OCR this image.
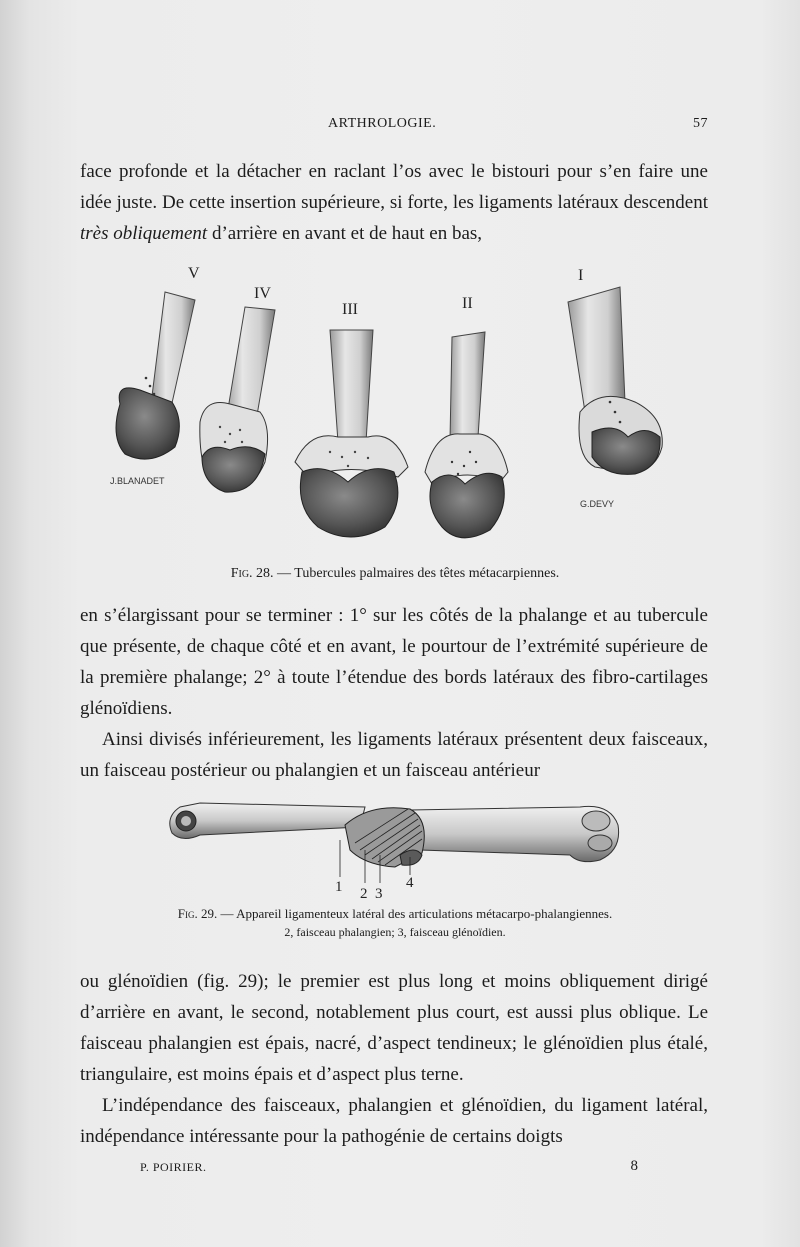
ARTHROLOGIE.	57

face profonde et la détacher en raclant l’os avec le bistouri pour s’en faire une idée juste. De cette insertion supérieure, si forte, les ligaments latéraux descendent très obliquement d’arrière en avant et de haut en bas,

V
IV
III	II
I
J.BLANADET
G.DEVY
Fig. 28. — Tubercules palmaires des têtes métacarpiennes.

en s’élargissant pour se terminer : 1° sur les côtés de la phalange et au tubercule que présente, de chaque côté et en avant, le pourtour de l’extrémité supérieure de la première phalange; 2° à toute l’étendue des bords latéraux des fibro-cartilages glénoïdiens.

Ainsi divisés inférieurement, les ligaments latéraux présentent deux faisceaux, un faisceau postérieur ou phalangien et un faisceau antérieur

1 2 3
4
Fig. 29. — Appareil ligamenteux latéral des articulations métacarpo-phalangiennes.
2, faisceau phalangien; 3, faisceau glénoïdien.

ou glénoïdien (fig. 29); le premier est plus long et moins obliquement dirigé d’arrière en avant, le second, notablement plus court, est aussi plus oblique. Le faisceau phalangien est épais, nacré, d’aspect tendineux; le glénoïdien plus étalé, triangulaire, est moins épais et d’aspect plus terne.

L’indépendance des faisceaux, phalangien et glénoïdien, du ligament latéral, indépendance intéressante pour la pathogénie de certains doigts

P. POIRIER.	8
